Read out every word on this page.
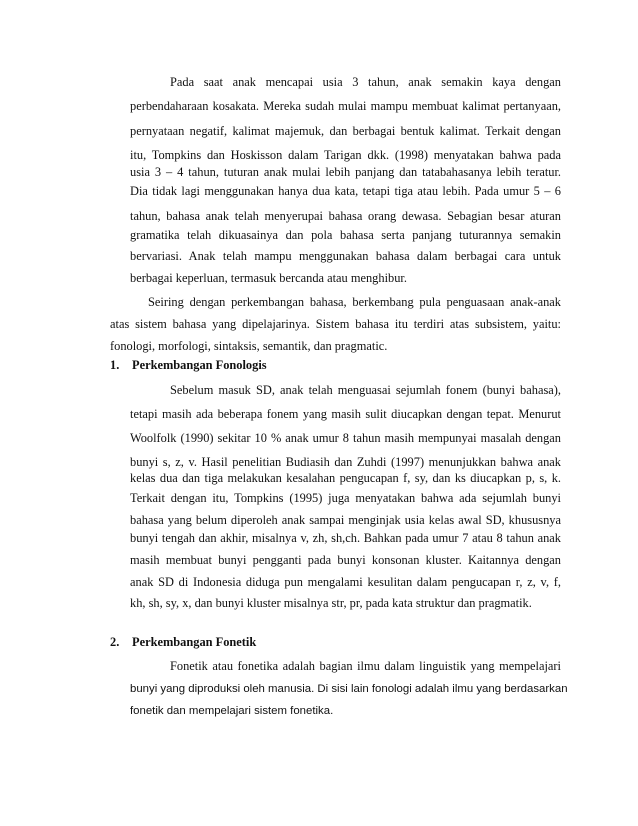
Pada saat anak mencapai usia 3 tahun, anak semakin kaya dengan

perbendaharaan kosakata. Mereka sudah mulai mampu membuat kalimat pertanyaan,

pernyataan negatif, kalimat majemuk, dan berbagai bentuk kalimat. Terkait dengan

itu, Tompkins dan Hoskisson dalam Tarigan dkk. (1998) menyatakan bahwa pada

usia 3 – 4 tahun, tuturan anak mulai lebih panjang dan tatabahasanya lebih teratur.

Dia tidak lagi menggunakan hanya dua kata, tetapi tiga atau lebih. Pada umur 5 – 6

tahun, bahasa anak telah menyerupai bahasa orang dewasa. Sebagian besar aturan

gramatika telah dikuasainya dan pola bahasa serta panjang tuturannya semakin

bervariasi. Anak telah mampu menggunakan bahasa dalam berbagai cara untuk

berbagai keperluan, termasuk bercanda atau menghibur.

Seiring dengan perkembangan bahasa, berkembang pula penguasaan anak-anak

atas sistem bahasa yang dipelajarinya. Sistem bahasa itu terdiri atas subsistem, yaitu:

fonologi, morfologi, sintaksis, semantik, dan pragmatic.

1. Perkembangan Fonologis

Sebelum masuk SD, anak telah menguasai sejumlah fonem (bunyi bahasa),

tetapi masih ada beberapa fonem yang masih sulit diucapkan dengan tepat. Menurut

Woolfolk (1990) sekitar 10 % anak umur 8 tahun masih mempunyai masalah dengan

bunyi s, z, v. Hasil penelitian Budiasih dan Zuhdi (1997) menunjukkan bahwa anak

kelas dua dan tiga melakukan kesalahan pengucapan f, sy, dan ks diucapkan p, s, k.

Terkait dengan itu, Tompkins (1995) juga menyatakan bahwa ada sejumlah bunyi

bahasa yang belum diperoleh anak sampai menginjak usia kelas awal SD, khususnya

bunyi tengah dan akhir, misalnya v, zh, sh,ch. Bahkan pada umur 7 atau 8 tahun anak

masih membuat bunyi pengganti pada bunyi konsonan kluster. Kaitannya dengan

anak SD di Indonesia diduga pun mengalami kesulitan dalam pengucapan r, z, v, f,

kh, sh, sy, x, dan bunyi kluster misalnya str, pr, pada kata struktur dan pragmatik.

2. Perkembangan Fonetik

Fonetik atau fonetika adalah bagian ilmu dalam linguistik yang mempelajari

bunyi yang diproduksi oleh manusia. Di sisi lain fonologi adalah ilmu yang berdasarkan

fonetik dan mempelajari sistem fonetika.
